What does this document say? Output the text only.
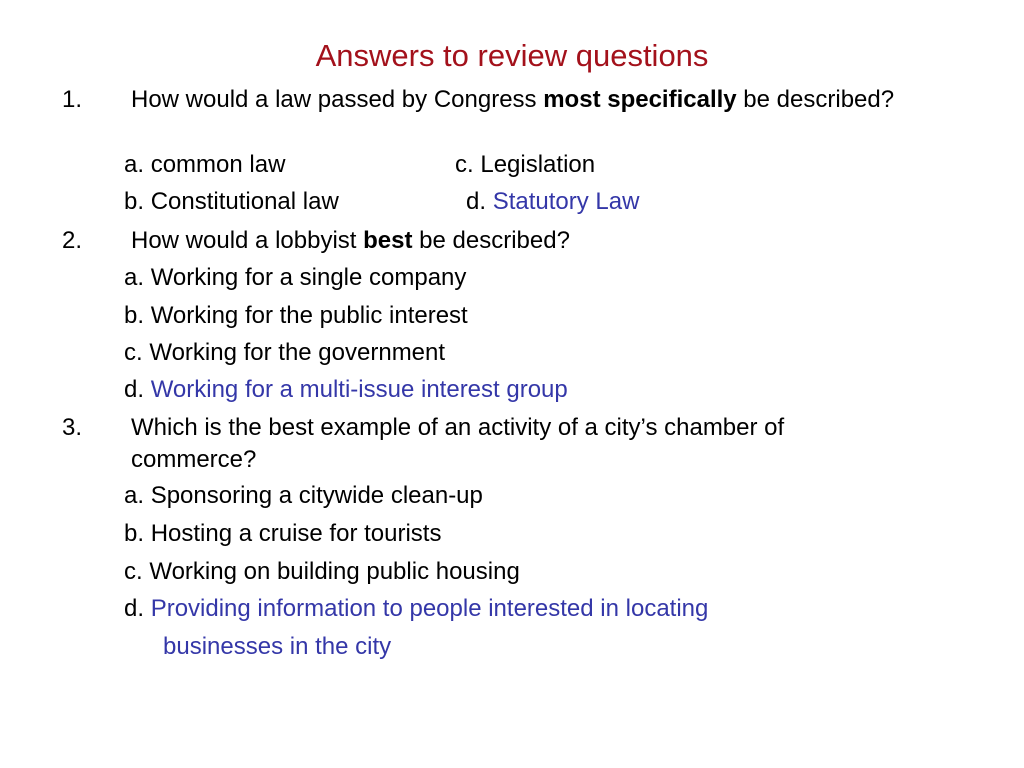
Answers to review questions
1. How would a law passed by Congress most specifically be described?
a. common law	c. Legislation
b. Constitutional law	d. Statutory Law
2. How would a lobbyist best be described?
a. Working for a single company
b. Working for the public interest
c. Working for the government
d. Working for a multi-issue interest group
3. Which is the best example of an activity of a city’s chamber of commerce?
a. Sponsoring a citywide clean-up
b. Hosting a cruise for tourists
c. Working on building public housing
d. Providing information to people interested in locating
businesses in the city
